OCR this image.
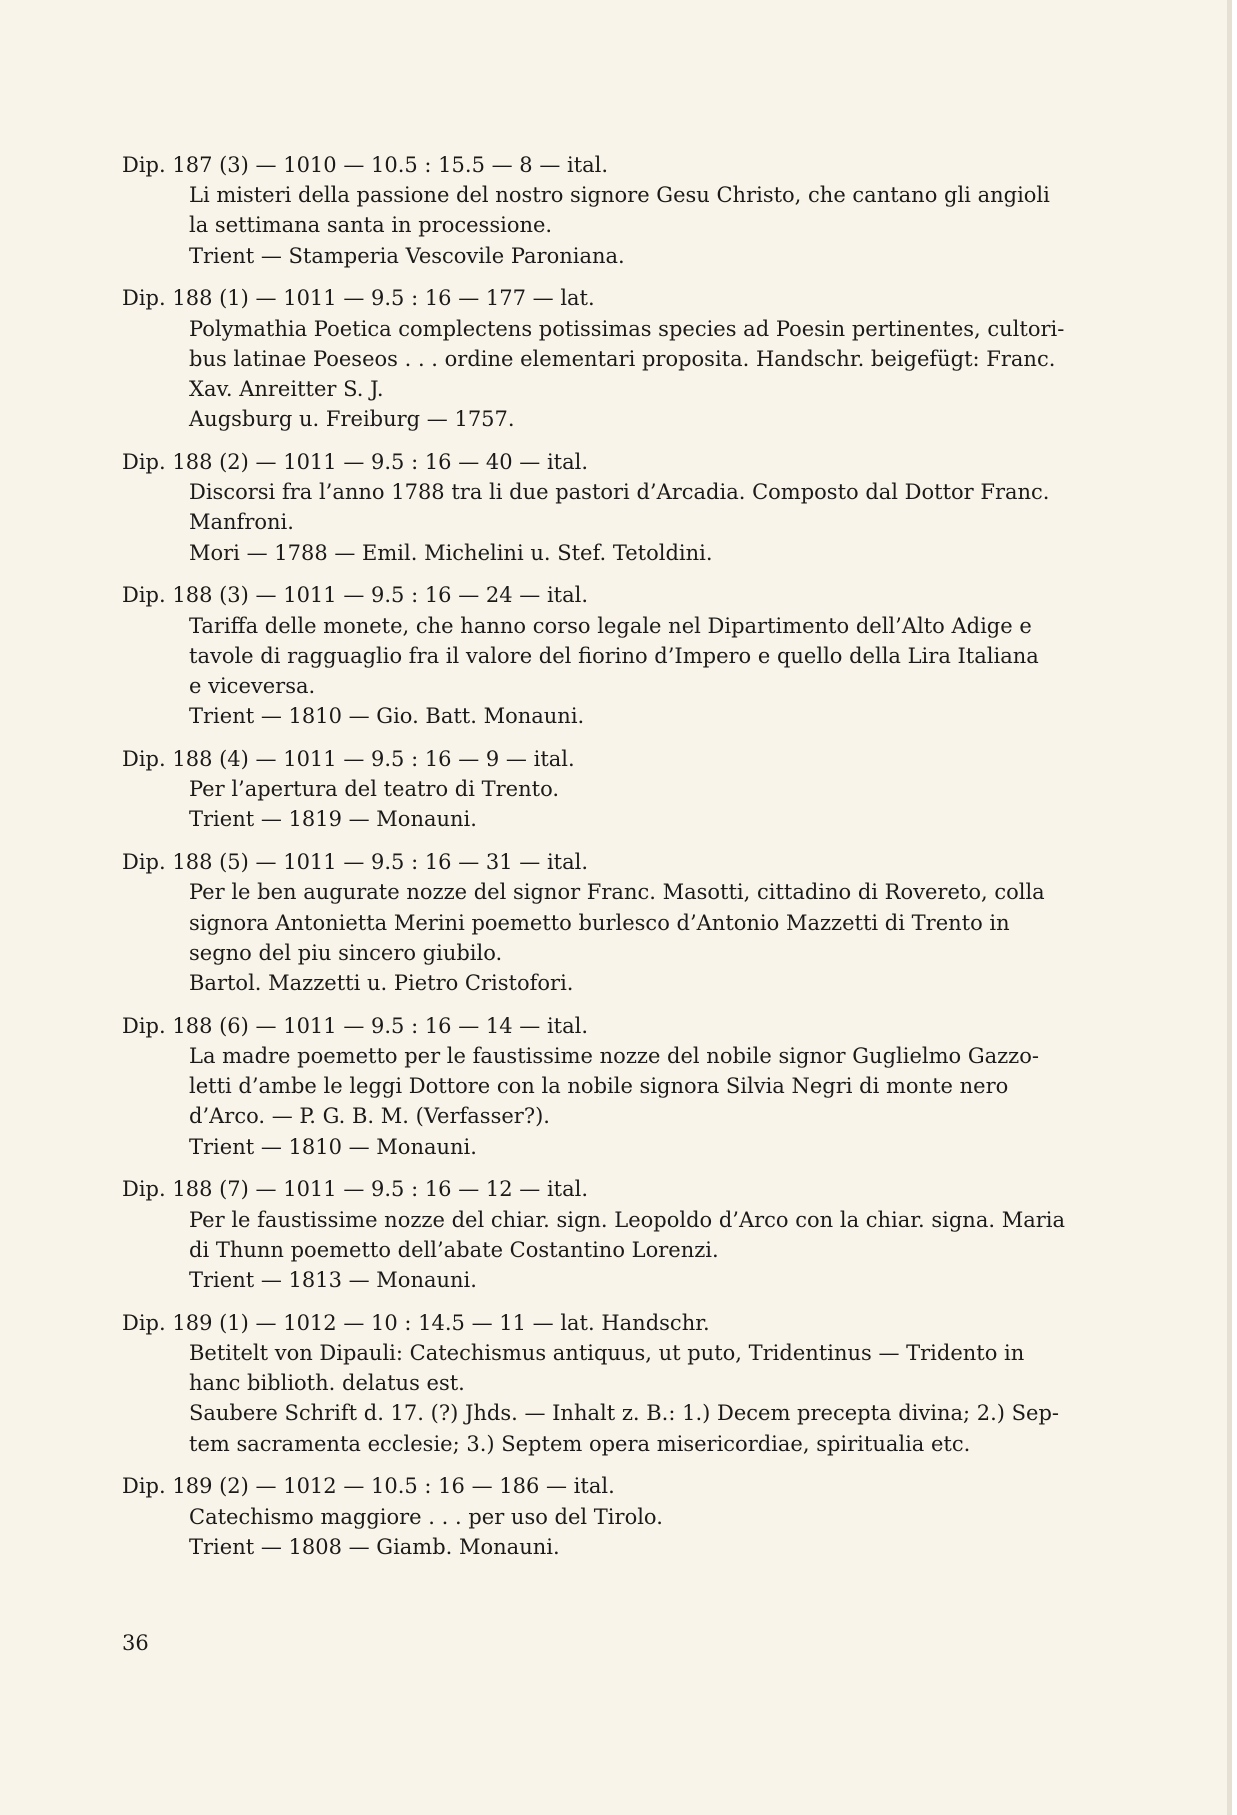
Dip. 187 (3) — 1010 — 10.5 : 15.5 — 8 — ital.
Li misteri della passione del nostro signore Gesu Christo, che cantano gli angioli
la settimana santa in processione.
Trient — Stamperia Vescovile Paroniana.
Dip. 188 (1) — 1011 — 9.5 : 16 — 177 — lat.
Polymathia Poetica complectens potissimas species ad Poesin pertinentes, cultori-
bus latinae Poeseos . . . ordine elementari proposita. Handschr. beigefügt: Franc.
Xav. Anreitter S. J.
Augsburg u. Freiburg — 1757.
Dip. 188 (2) — 1011 — 9.5 : 16 — 40 — ital.
Discorsi fra l’anno 1788 tra li due pastori d’Arcadia. Composto dal Dottor Franc.
Manfroni.
Mori — 1788 — Emil. Michelini u. Stef. Tetoldini.
Dip. 188 (3) — 1011 — 9.5 : 16 — 24 — ital.
Tariffa delle monete, che hanno corso legale nel Dipartimento dell’Alto Adige e
tavole di ragguaglio fra il valore del fiorino d’Impero e quello della Lira Italiana
e viceversa.
Trient — 1810 — Gio. Batt. Monauni.
Dip. 188 (4) — 1011 — 9.5 : 16 — 9 — ital.
Per l’apertura del teatro di Trento.
Trient — 1819 — Monauni.
Dip. 188 (5) — 1011 — 9.5 : 16 — 31 — ital.
Per le ben augurate nozze del signor Franc. Masotti, cittadino di Rovereto, colla
signora Antonietta Merini poemetto burlesco d’Antonio Mazzetti di Trento in
segno del piu sincero giubilo.
Bartol. Mazzetti u. Pietro Cristofori.
Dip. 188 (6) — 1011 — 9.5 : 16 — 14 — ital.
La madre poemetto per le faustissime nozze del nobile signor Guglielmo Gazzo-
letti d’ambe le leggi Dottore con la nobile signora Silvia Negri di monte nero
d’Arco. — P. G. B. M. (Verfasser?).
Trient — 1810 — Monauni.
Dip. 188 (7) — 1011 — 9.5 : 16 — 12 — ital.
Per le faustissime nozze del chiar. sign. Leopoldo d’Arco con la chiar. signa. Maria
di Thunn poemetto dell’abate Costantino Lorenzi.
Trient — 1813 — Monauni.
Dip. 189 (1) — 1012 — 10 : 14.5 — 11 — lat. Handschr.
Betitelt von Dipauli: Catechismus antiquus, ut puto, Tridentinus — Tridento in
hanc biblioth. delatus est.
Saubere Schrift d. 17. (?) Jhds. — Inhalt z. B.: 1.) Decem precepta divina; 2.) Sep-
tem sacramenta ecclesie; 3.) Septem opera misericordiae, spiritualia etc.
Dip. 189 (2) — 1012 — 10.5 : 16 — 186 — ital.
Catechismo maggiore . . . per uso del Tirolo.
Trient — 1808 — Giamb. Monauni.
36
